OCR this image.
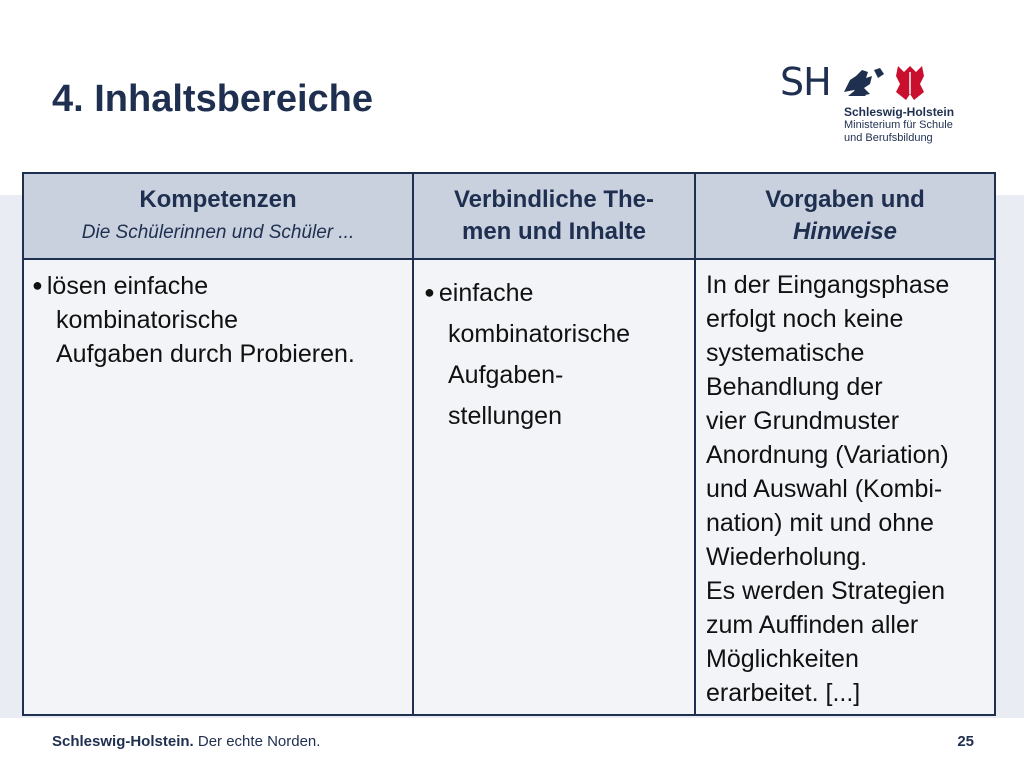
4. Inhaltsbereiche	SH
Schleswig-Holstein
Ministerium für Schule
und Berufsbildung
Kompetenzen
Die Schülerinnen und Schüler ...
Verbindliche The-
men und Inhalte
Vorgaben und
Hinweise
● lösen einfache
kombinatorische
Aufgaben durch Probieren.
● einfache
kombinatorische
Aufgaben-
stellungen
In der Eingangsphase
erfolgt noch keine
systematische
Behandlung der
vier Grundmuster
Anordnung (Variation)
und Auswahl (Kombi-
nation) mit und ohne
Wiederholung.
Es werden Strategien
zum Auffinden aller
Möglichkeiten
erarbeitet. [...]
Schleswig-Holstein. Der echte Norden.	25
